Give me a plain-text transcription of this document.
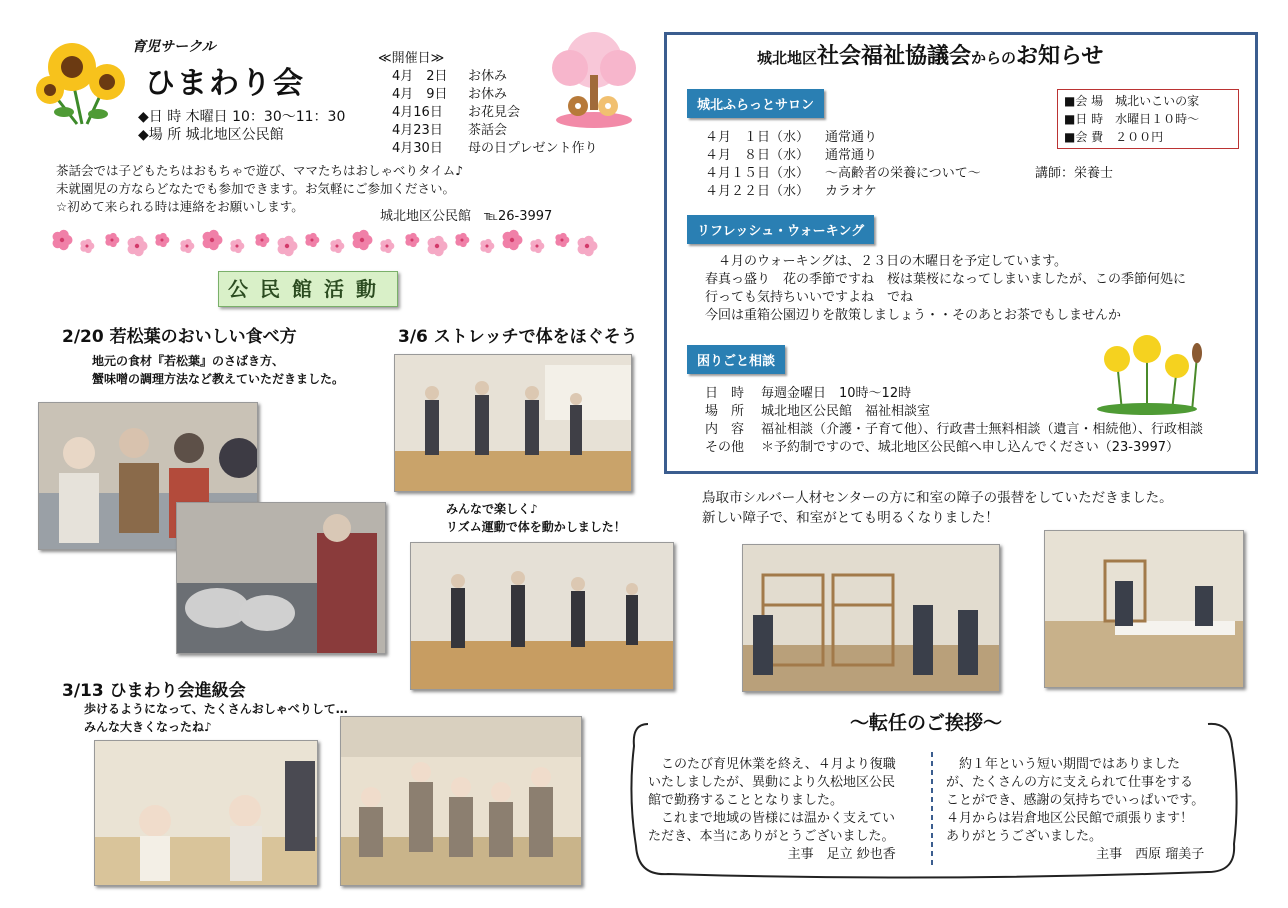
育児サークル
ひまわり会
◆日 時 木曜日 10：30～11：30
◆場 所 城北地区公民館
≪開催日≫
4月　2日 お休み
4月　9日 お休み
4月16日 お花見会
4月23日 茶話会
4月30日 母の日プレゼント作り
茶話会では子どもたちはおもちゃで遊び、ママたちはおしゃべりタイム♪
未就園児の方ならどなたでも参加できます。お気軽にご参加ください。
☆初めて来られる時は連絡をお願いします。
城北地区公民館　℡26-3997
公民館活動
2/20 若松葉のおいしい食べ方
地元の食材『若松葉』のさばき方、
蟹味噌の調理方法など教えていただきました。
3/6 ストレッチで体をほぐそう
みんなで楽しく♪
リズム運動で体を動かしました！
3/13 ひまわり会進級会
歩けるようになって、たくさんおしゃべりして…
みんな大きくなったね♪
城北地区社会福祉協議会からのお知らせ
城北ふらっとサロン	■会 場　城北いこいの家
■日 時　水曜日１０時～
■会 費　２００円
４月　１日（水） 通常通り
４月　８日（水） 通常通り
４月１５日（水） ～高齢者の栄養について～	講師：栄養士
４月２２日（水） カラオケ
リフレッシュ・ウォーキング
　４月のウォーキングは、２３日の木曜日を予定しています。
春真っ盛り　花の季節ですね　桜は葉桜になってしまいましたが、この季節何処に
行っても気持ちいいですよね　でね
今回は重箱公園辺りを散策しましょう・・そのあとお茶でもしませんか
困りごと相談
日　時 毎週金曜日　10時～12時
場　所 城北地区公民館　福祉相談室
内　容 福祉相談（介護・子育て他）、行政書士無料相談（遺言・相続他）、行政相談
その他 ＊予約制ですので、城北地区公民館へ申し込んでください（23-3997）
鳥取市シルバー人材センターの方に和室の障子の張替をしていただきました。
新しい障子で、和室がとても明るくなりました！
～転任のご挨拶～
　このたび育児休業を終え、４月より復職
いたしましたが、異動により久松地区公民
館で勤務することとなりました。
　これまで地域の皆様には温かく支えてい
ただき、本当にありがとうございました。
主事　足立 紗也香
　約１年という短い期間ではありました
が、たくさんの方に支えられて仕事をする
ことができ、感謝の気持ちでいっぱいです。
４月からは岩倉地区公民館で頑張ります！
ありがとうございました。
主事　西原 瑠美子
